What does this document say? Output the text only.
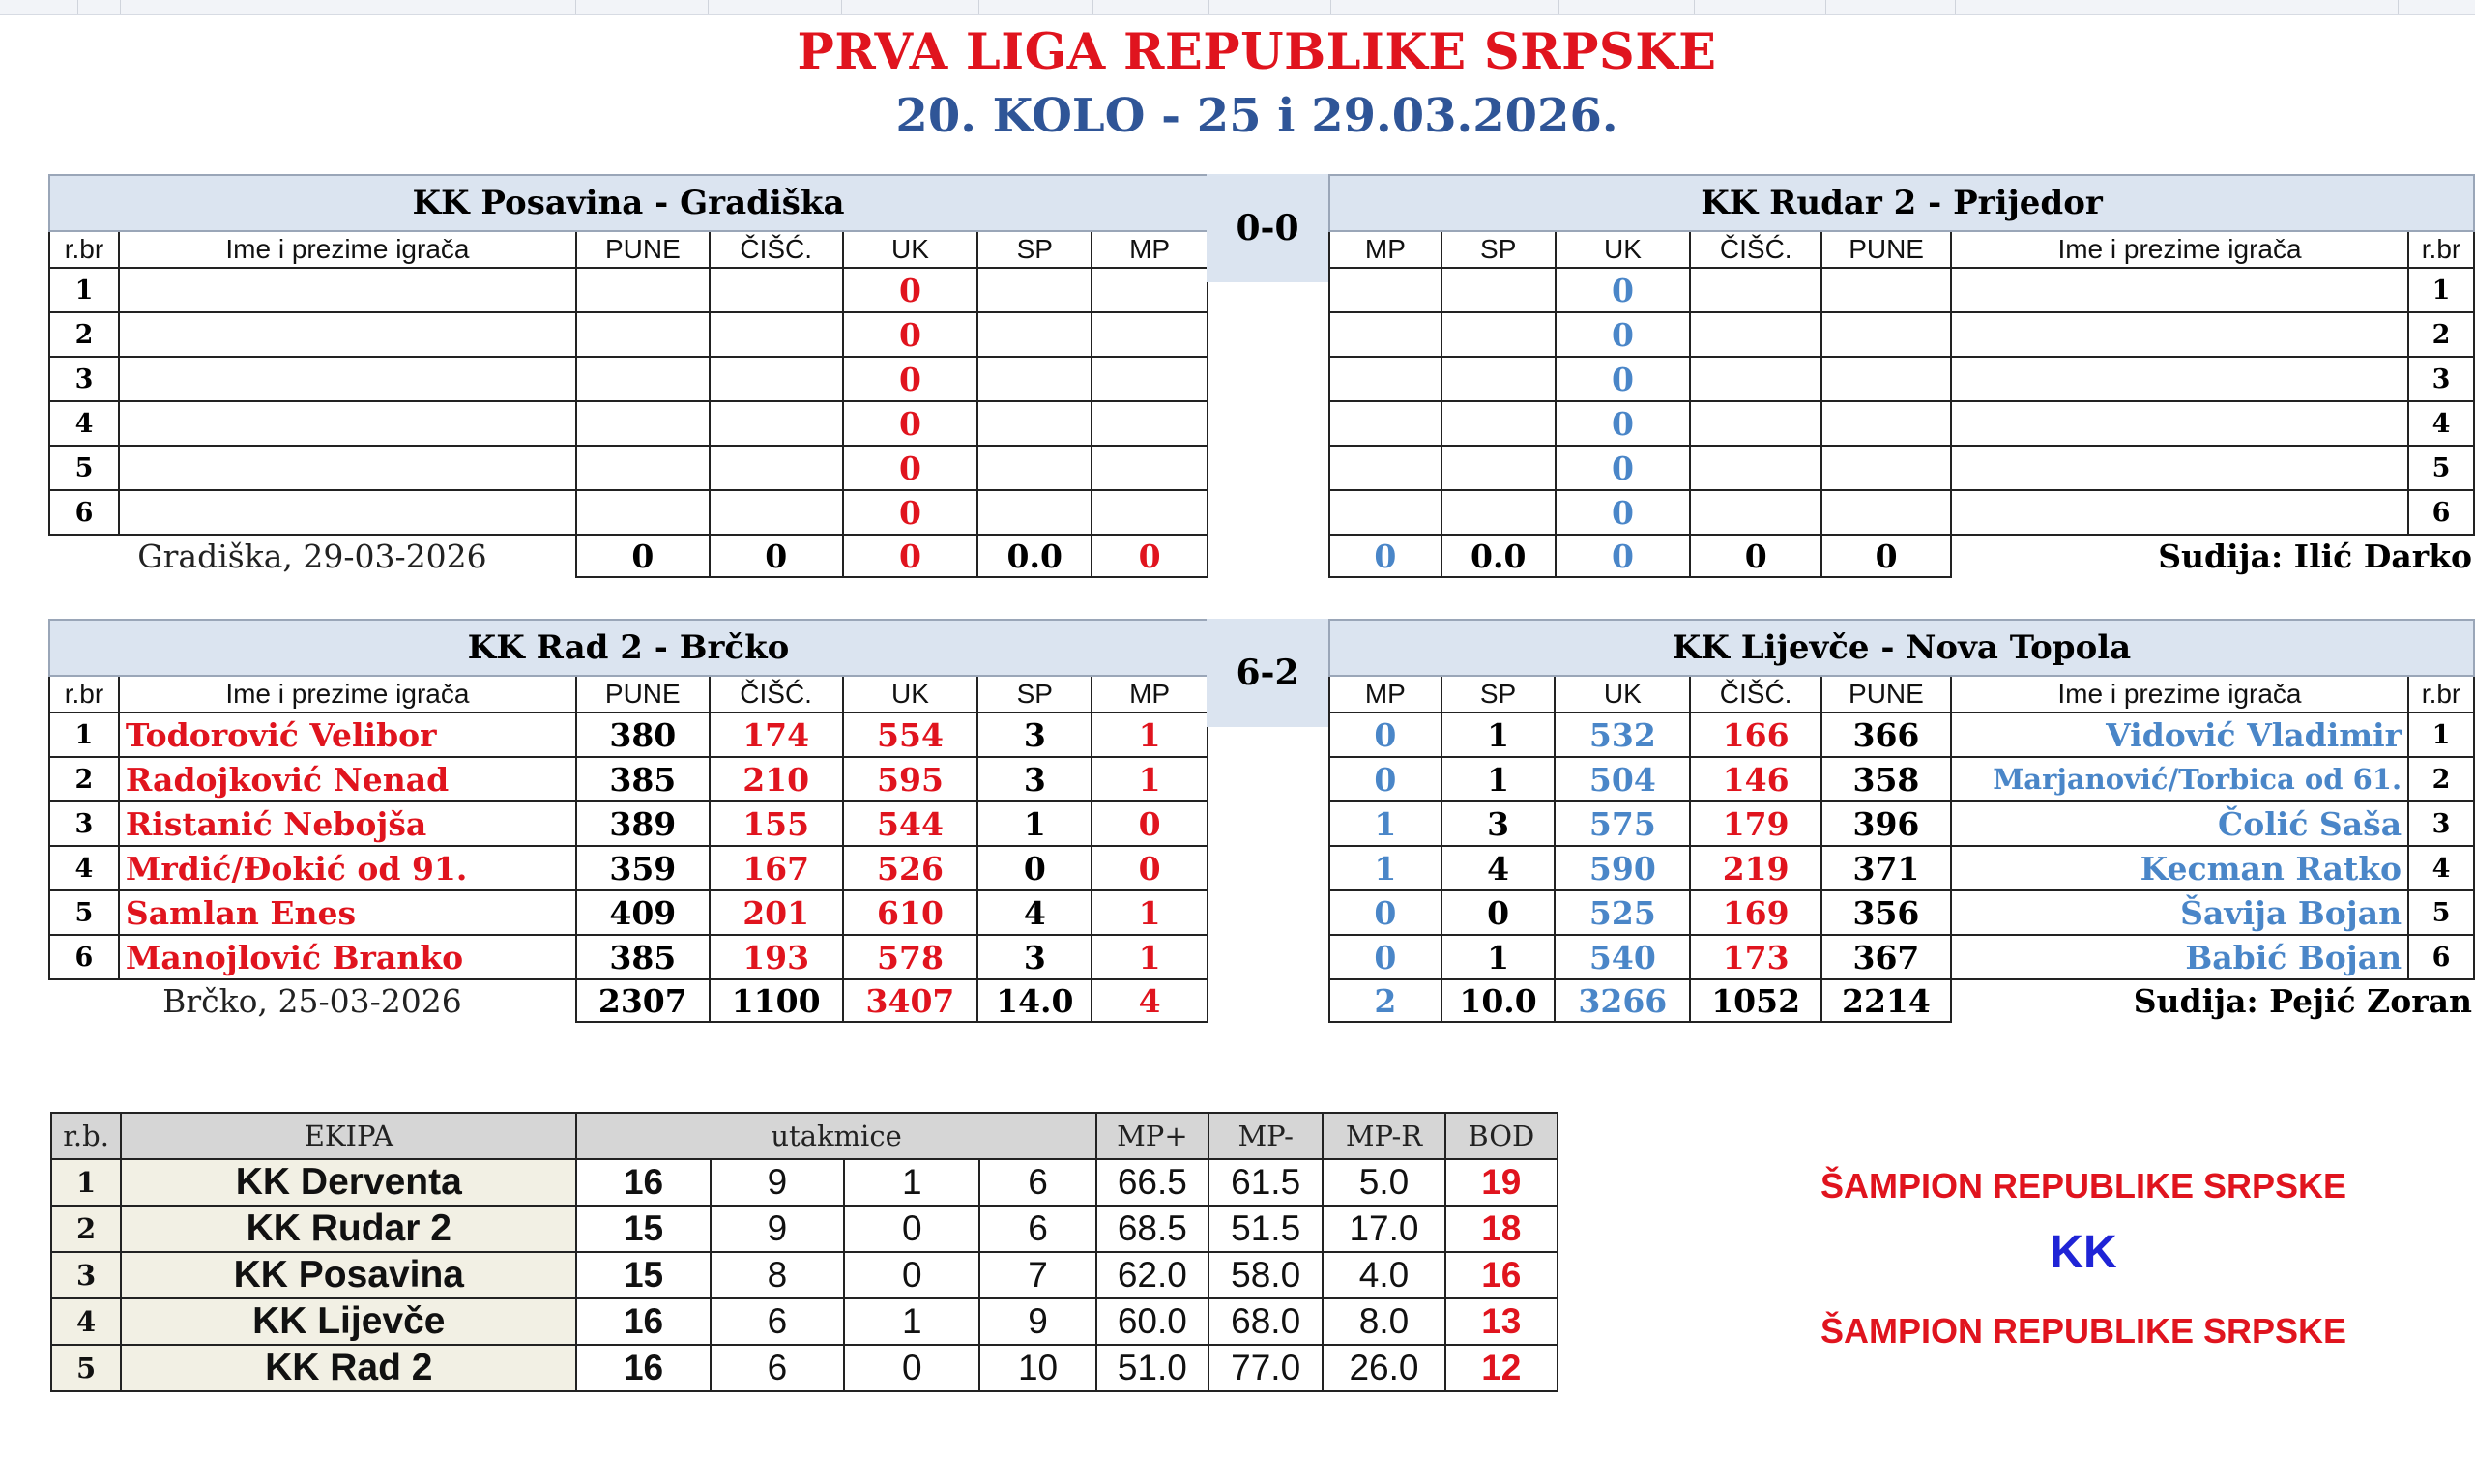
PRVA LIGA REPUBLIKE SRPSKE
20. KOLO - 25 i 29.03.2026.
KK Posavina - Gradiška						
r.br	Ime i prezime igrača	PUNE	ČIŠĆ.	UK	SP	MP
1				0		
2				0		
3				0		
4				0		
5				0		
6				0		
Gradiška, 29-03-2026		0	0	0	0.0	0
0-0
KK Rudar 2 - Prijedor						
MP	SP	UK	ČIŠĆ.	PUNE	Ime i prezime igrača	r.br
		0				1
		0				2
		0				3
		0				4
		0				5
		0				6
0	0.0	0	0	0	Sudija: Ilić Darko	
KK Rad 2 - Brčko						
r.br	Ime i prezime igrača	PUNE	ČIŠĆ.	UK	SP	MP
1	Todorović Velibor	380	174	554	3	1
2	Radojković Nenad	385	210	595	3	1
3	Ristanić Nebojša	389	155	544	1	0
4	Mrdić/Đokić od 91.	359	167	526	0	0
5	Samlan Enes	409	201	610	4	1
6	Manojlović Branko	385	193	578	3	1
Brčko, 25-03-2026		2307	1100	3407	14.0	4
6-2
KK Lijevče - Nova Topola						
MP	SP	UK	ČIŠĆ.	PUNE	Ime i prezime igrača	r.br
0	1	532	166	366	Vidović Vladimir	1
0	1	504	146	358	Marjanović/Torbica od 61.	2
1	3	575	179	396	Čolić Saša	3
1	4	590	219	371	Kecman Ratko	4
0	0	525	169	356	Šavija Bojan	5
0	1	540	173	367	Babić Bojan	6
2	10.0	3266	1052	2214	Sudija: Pejić Zoran	
r.b.	EKIPA	utakmice				MP+	MP-	MP-R	BOD
1	KK Derventa	16	9	1	6	66.5	61.5	5.0	19
2	KK Rudar 2	15	9	0	6	68.5	51.5	17.0	18
3	KK Posavina	15	8	0	7	62.0	58.0	4.0	16
4	KK Lijevče	16	6	1	9	60.0	68.0	8.0	13
5	KK Rad 2	16	6	0	10	51.0	77.0	26.0	12
ŠAMPION REPUBLIKE SRPSKE
KK
ŠAMPION REPUBLIKE SRPSKE
